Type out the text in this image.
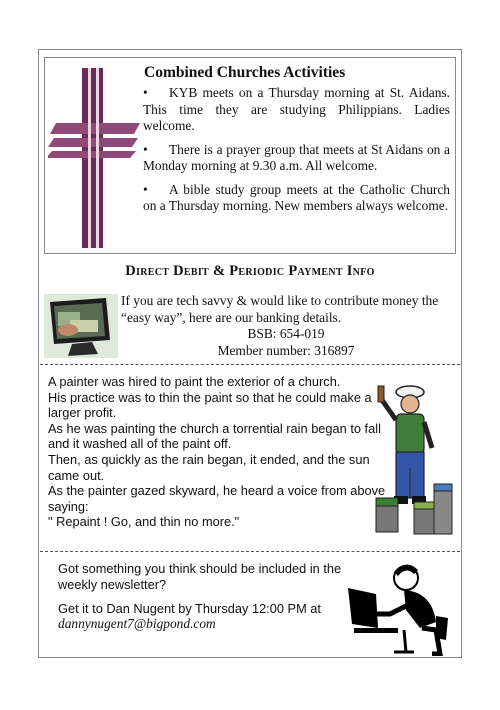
Combined Churches Activities
• KYB meets on a Thursday morning at St. Aidans. This time they are studying Philippians. Ladies welcome.
• There is a prayer group that meets at St Aidans on a Monday morning at 9.30 a.m. All welcome.
• A bible study group meets at the Catholic Church on a Thursday morning. New members always welcome.
Direct Debit & Periodic Payment Info
If you are tech savvy & would like to contribute money the “easy way”, here are our banking details.

BSB: 654-019
Member number: 316897

A painter was hired to paint the exterior of a church.

His practice was to thin the paint so that he could make a larger profit.

As he was painting the church a torrential rain began to fall and it washed all of the paint off.

Then, as quickly as the rain began, it ended, and the sun came out.

As the painter gazed skyward, he heard a voice from above saying:

" Repaint ! Go, and thin no more."

Got something you think should be included in the weekly newsletter?

Get it to Dan Nugent by Thursday 12:00 PM at

dannynugent7@bigpond.com
